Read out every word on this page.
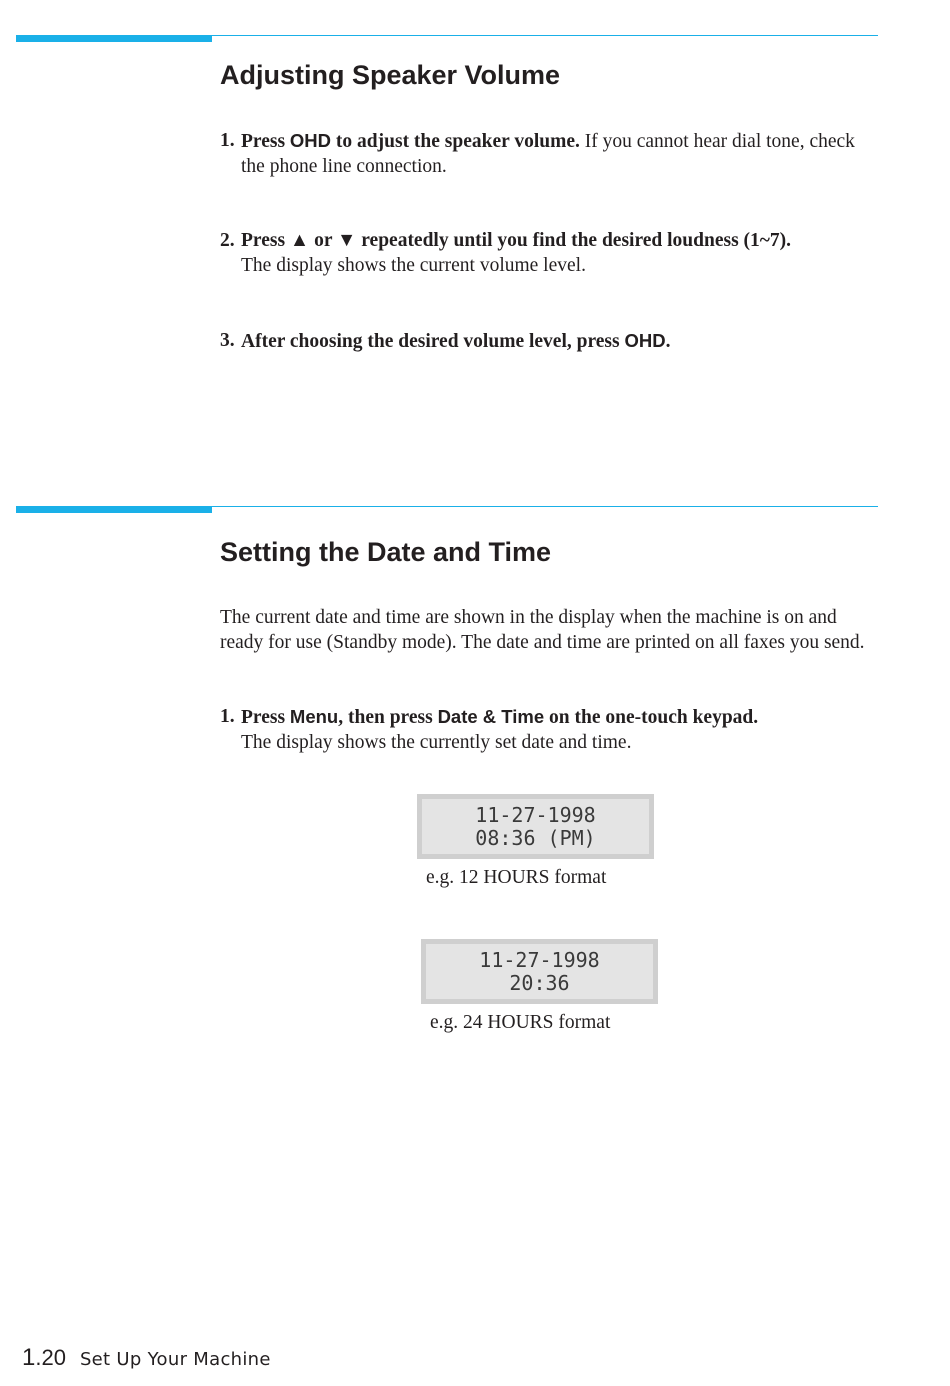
Adjusting Speaker Volume
1. Press OHD to adjust the speaker volume. If you cannot hear dial tone, check the phone line connection.
2. Press ▲ or ▼ repeatedly until you find the desired loudness (1~7).
The display shows the current volume level.
3. After choosing the desired volume level, press OHD.
Setting the Date and Time
The current date and time are shown in the display when the machine is on and ready for use (Standby mode). The date and time are printed on all faxes you send.
1. Press Menu, then press Date & Time on the one-touch keypad.
The display shows the currently set date and time.
11-27-1998
08:36 (PM)
e.g. 12 HOURS format
11-27-1998
20:36
e.g. 24 HOURS format
1.20 Set Up Your Machine
